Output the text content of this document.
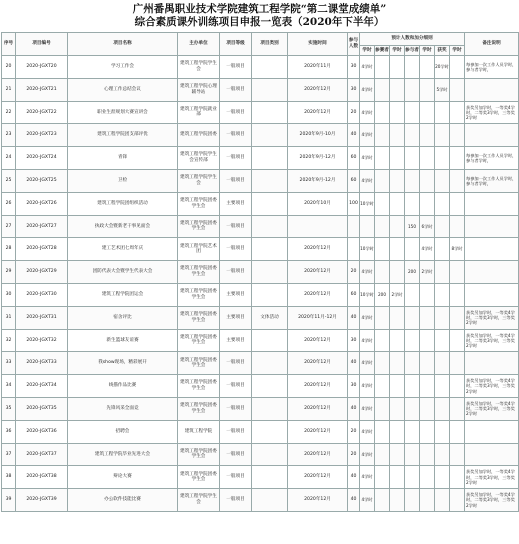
广州番禺职业技术学院建筑工程学院“第二课堂成绩单”
综合素质课外训练项目申报一览表（2020年下半年）
序号	项目编号	项目名称	主办单位	项目等级	项目类别	实施时间	参与人数	预计人数和加分细则							备注说明
								学时	参赛者	学时	参与者	学时	获奖	学时	
20	2020-JGXT20	学习工作会	建筑工程学院学生会	一般项目		2020年11月	30	4学时					20学时		每参加一次工作人员学时，参与者学时，
21	2020-JGXT21	心理工作总结会议	建筑工程学院心理辅导站	一般项目		2020年12月	30	4学时					5学时		
22	2020-JGXT22	职业生涯规划大赛宣讲会	建筑工程学院就业部	一般项目		2020年12月	20	4学时							获奖另加学时，一等奖4学时，二等奖3学时，三等奖2学时
23	2020-JGXT23	建筑工程学院团支部评优	建筑工程学院团委	一般项目		2020年9月-10月	40	4学时							
24	2020-JGXT24	青锋	建筑工程学院学生会宣传部	一般项目		2020年9月-12月	60	4学时							每参加一次工作人员学时，参与者学时，
25	2020-JGXT25	卫检	建筑工程学院学生会	一般项目		2020年9月-12月	60	4学时							每参加一次工作人员学时，参与者学时，
26	2020-JGXT26	建筑工程学院团组织活动	建筑工程学院团委学生会	主要项目		2020年10月	100	10学时							
27	2020-JGXT27	执政大会暨新老干事见面会	建筑工程学院团委学生会	一般项目							150	6学时			
28	2020-JGXT28	建工艺术团七周年庆	建筑工程学院艺术团	一般项目		2020年12月		10学时				4学时		8学时	
29	2020-JGXT29	团防代表大会暨学生代表大会	建筑工程学院团委学生会	一般项目		2020年12月	20	4学时			200	2学时			
30	2020-JGXT30	建筑工程学院团运会	建筑工程学院团委学生会	主要项目		2020年12月	60	10学时	200	2学时					
31	2020-JGXT31	宿舍评比	建筑工程学院团委学生会	主要项目	文体活动	2020年11月-12月	40	4学时							获奖另加学时，一等奖4学时，二等奖3学时，三等奖2学时
32	2020-JGXT32	新生篮球友谊赛	建筑工程学院团委学生会	主要项目		2020年12月	30	4学时							获奖另加学时，一等奖4学时，二等奖3学时，三等奖2学时
33	2020-JGXT33	我show现场，精彩展开	建筑工程学院团委学生会	一般项目		2020年12月	40	4学时							
34	2020-JGXT34	线描作品比赛	建筑工程学院团委学生会	一般项目		2020年12月	30	4学时							获奖另加学时，一等奖4学时，二等奖3学时，三等奖2学时
35	2020-JGXT35	先锋风采全面竞	建筑工程学院团委学生会	一般项目		2020年12月	40	4学时							获奖另加学时，一等奖4学时，二等奖3学时，三等奖2学时
36	2020-JGXT36	招聘会	建筑工程学院	一般项目		2020年12月	20	4学时							
37	2020-JGXT37	建筑工程学院毕业先进大会	建筑工程学院团委学生会	一般项目		2020年12月	20	4学时							
38	2020-JGXT38	辩论大赛	建筑工程学院团委学生会	一般项目		2020年12月	40	4学时							获奖另加学时，一等奖4学时，二等奖3学时，三等奖2学时
39	2020-JGXT39	办公软件技能比赛	建筑工程学院学生会	一般项目		2020年12月	40	4学时							获奖另加学时，一等奖4学时，二等奖3学时，三等奖2学时
